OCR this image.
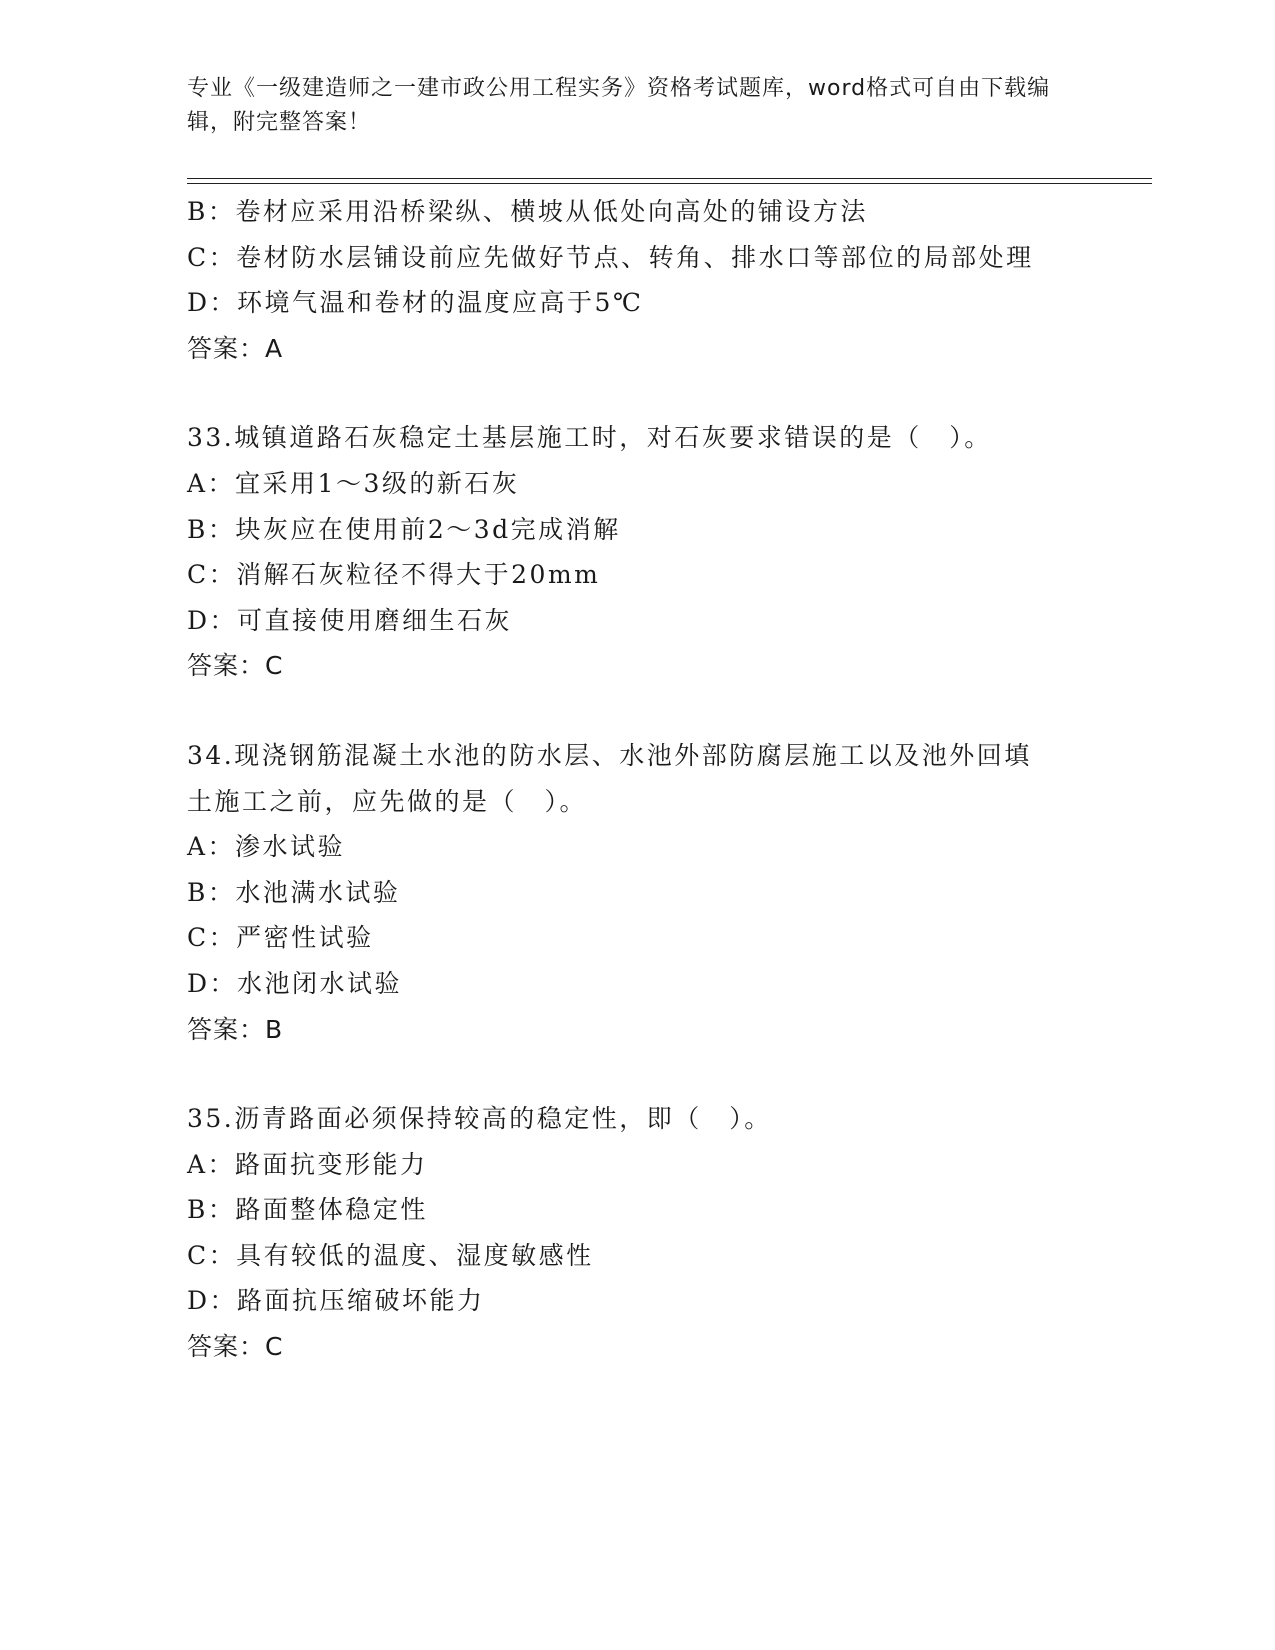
专业《一级建造师之一建市政公用工程实务》资格考试题库，word格式可自由下载编辑，附完整答案！
B：卷材应采用沿桥梁纵、横坡从低处向高处的铺设方法
C：卷材防水层铺设前应先做好节点、转角、排水口等部位的局部处理
D：环境气温和卷材的温度应高于5℃
答案：A
33.城镇道路石灰稳定土基层施工时，对石灰要求错误的是（　）。
A：宜采用1～3级的新石灰
B：块灰应在使用前2～3d完成消解
C：消解石灰粒径不得大于20mm
D：可直接使用磨细生石灰
答案：C
34.现浇钢筋混凝土水池的防水层、水池外部防腐层施工以及池外回填土施工之前，应先做的是（　）。
A：渗水试验
B：水池满水试验
C：严密性试验
D：水池闭水试验
答案：B
35.沥青路面必须保持较高的稳定性，即（　）。
A：路面抗变形能力
B：路面整体稳定性
C：具有较低的温度、湿度敏感性
D：路面抗压缩破坏能力
答案：C
